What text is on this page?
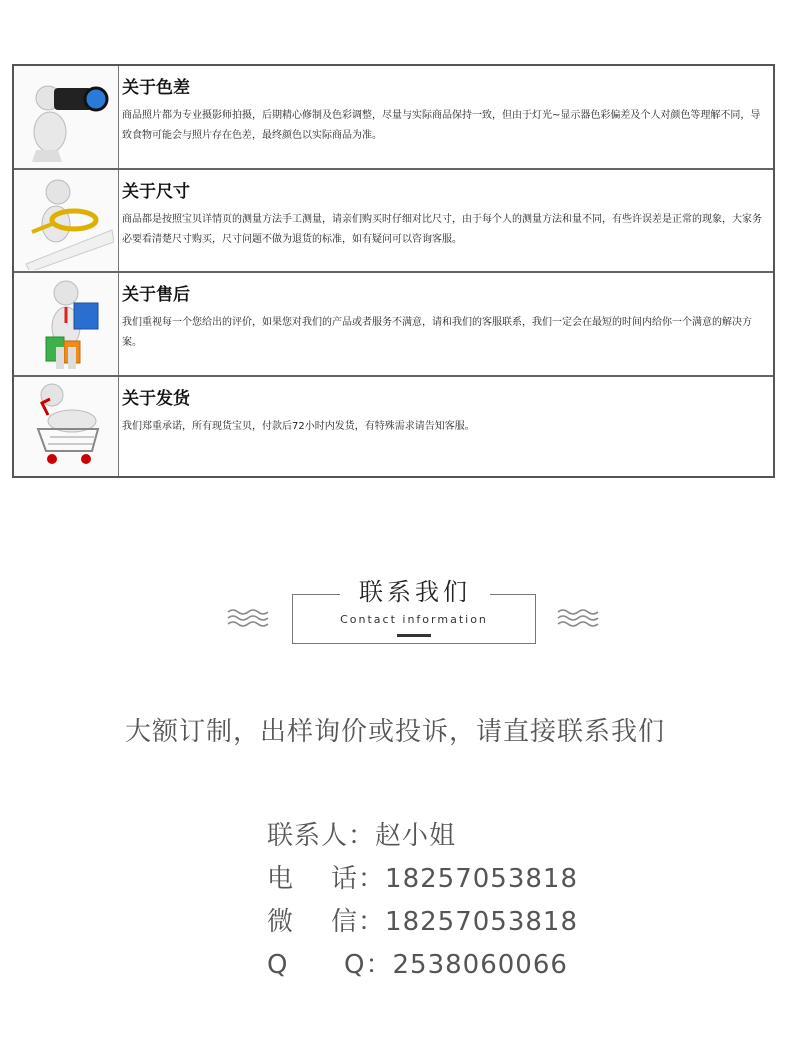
关于色差
商品照片都为专业摄影师拍摄，后期精心修制及色彩调整，尽量与实际商品保持一致，但由于灯光~显示器色彩偏差及个人对颜色等理解不同，导致食物可能会与照片存在色差，最终颜色以实际商品为准。
关于尺寸
商品都是按照宝贝详情页的测量方法手工测量，请亲们购买时仔细对比尺寸，由于每个人的测量方法和量不同，有些许误差是正常的现象，大家务必要看清楚尺寸购买，尺寸问题不做为退货的标准，如有疑问可以咨询客服。
关于售后
我们重视每一个您给出的评价，如果您对我们的产品或者服务不满意，请和我们的客服联系，我们一定会在最短的时间内给你一个满意的解决方案。
关于发货
我们郑重承诺，所有现货宝贝，付款后72小时内发货，有特殊需求请告知客服。
联系我们
Contact information
大额订制，出样询价或投诉，请直接联系我们
联系人：赵小姐
电    话：18257053818
微    信：18257053818
Q      Q：2538060066
